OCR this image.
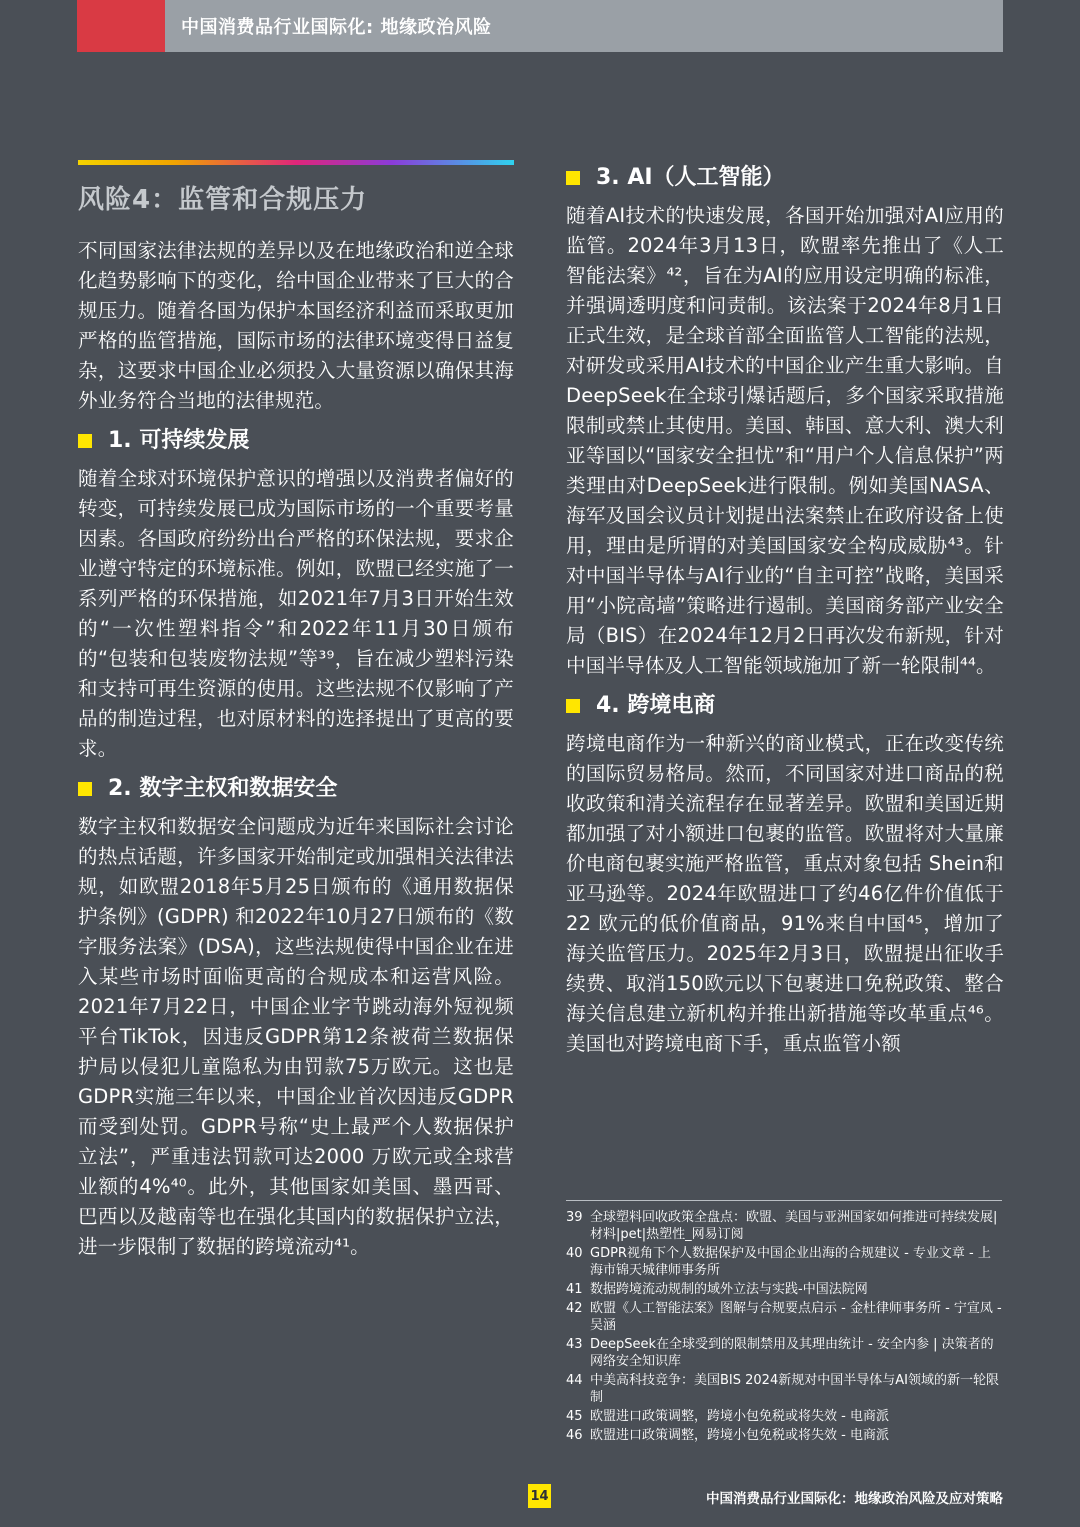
中国消费品行业国际化: 地缘政治风险
风险4：监管和合规压力

不同国家法律法规的差异以及在地缘政治和逆全球化趋势影响下的变化，给中国企业带来了巨大的合规压力。随着各国为保护本国经济利益而采取更加严格的监管措施，国际市场的法律环境变得日益复杂，这要求中国企业必须投入大量资源以确保其海外业务符合当地的法律规范。

1. 可持续发展

随着全球对环境保护意识的增强以及消费者偏好的转变，可持续发展已成为国际市场的一个重要考量因素。各国政府纷纷出台严格的环保法规，要求企业遵守特定的环境标准。例如，欧盟已经实施了一系列严格的环保措施，如2021年7月3日开始生效的“一次性塑料指令”和2022年11月30日颁布的“包装和包装废物法规”等³⁹，旨在减少塑料污染和支持可再生资源的使用。这些法规不仅影响了产品的制造过程，也对原材料的选择提出了更高的要求。

2. 数字主权和数据安全

数字主权和数据安全问题成为近年来国际社会讨论的热点话题，许多国家开始制定或加强相关法律法规，如欧盟2018年5月25日颁布的《通用数据保护条例》(GDPR) 和2022年10月27日颁布的《数字服务法案》(DSA)，这些法规使得中国企业在进入某些市场时面临更高的合规成本和运营风险。2021年7月22日，中国企业字节跳动海外短视频平台TikTok，因违反GDPR第12条被荷兰数据保护局以侵犯儿童隐私为由罚款75万欧元。这也是GDPR实施三年以来，中国企业首次因违反GDPR而受到处罚。GDPR号称“史上最严个人数据保护立法”，严重违法罚款可达2000 万欧元或全球营业额的4%⁴⁰。此外，其他国家如美国、墨西哥、巴西以及越南等也在强化其国内的数据保护立法，进一步限制了数据的跨境流动⁴¹。

3. AI（人工智能）

随着AI技术的快速发展，各国开始加强对AI应用的监管。2024年3月13日，欧盟率先推出了《人工智能法案》⁴²，旨在为AI的应用设定明确的标准，并强调透明度和问责制。该法案于2024年8月1日正式生效，是全球首部全面监管人工智能的法规，对研发或采用AI技术的中国企业产生重大影响。自DeepSeek在全球引爆话题后，多个国家采取措施限制或禁止其使用。美国、韩国、意大利、澳大利亚等国以“国家安全担忧”和“用户个人信息保护”两类理由对DeepSeek进行限制。例如美国NASA、海军及国会议员计划提出法案禁止在政府设备上使用，理由是所谓的对美国国家安全构成威胁⁴³。针对中国半导体与AI行业的“自主可控”战略，美国采用“小院高墙”策略进行遏制。美国商务部产业安全局（BIS）在2024年12月2日再次发布新规，针对中国半导体及人工智能领域施加了新一轮限制⁴⁴。

4. 跨境电商

跨境电商作为一种新兴的商业模式，正在改变传统的国际贸易格局。然而，不同国家对进口商品的税收政策和清关流程存在显著差异。欧盟和美国近期都加强了对小额进口包裹的监管。欧盟将对大量廉价电商包裹实施严格监管，重点对象包括 Shein和亚马逊等。2024年欧盟进口了约46亿件价值低于22 欧元的低价值商品，91%来自中国⁴⁵，增加了海关监管压力。2025年2月3日，欧盟提出征收手续费、取消150欧元以下包裹进口免税政策、整合海关信息建立新机构并推出新措施等改革重点⁴⁶。美国也对跨境电商下手，重点监管小额

39 全球塑料回收政策全盘点：欧盟、美国与亚洲国家如何推进可持续发展|材料|pet|热塑性_网易订阅
40 GDPR视角下个人数据保护及中国企业出海的合规建议 - 专业文章 - 上海市锦天城律师事务所
41 数据跨境流动规制的域外立法与实践-中国法院网
42 欧盟《人工智能法案》图解与合规要点启示 - 金杜律师事务所 - 宁宣凤 - 吴涵
43 DeepSeek在全球受到的限制禁用及其理由统计 - 安全内参 | 决策者的网络安全知识库
44 中美高科技竞争：美国BIS 2024新规对中国半导体与AI领域的新一轮限制
45 欧盟进口政策调整，跨境小包免税或将失效 - 电商派
46 欧盟进口政策调整，跨境小包免税或将失效 - 电商派
14	中国消费品行业国际化：地缘政治风险及应对策略
